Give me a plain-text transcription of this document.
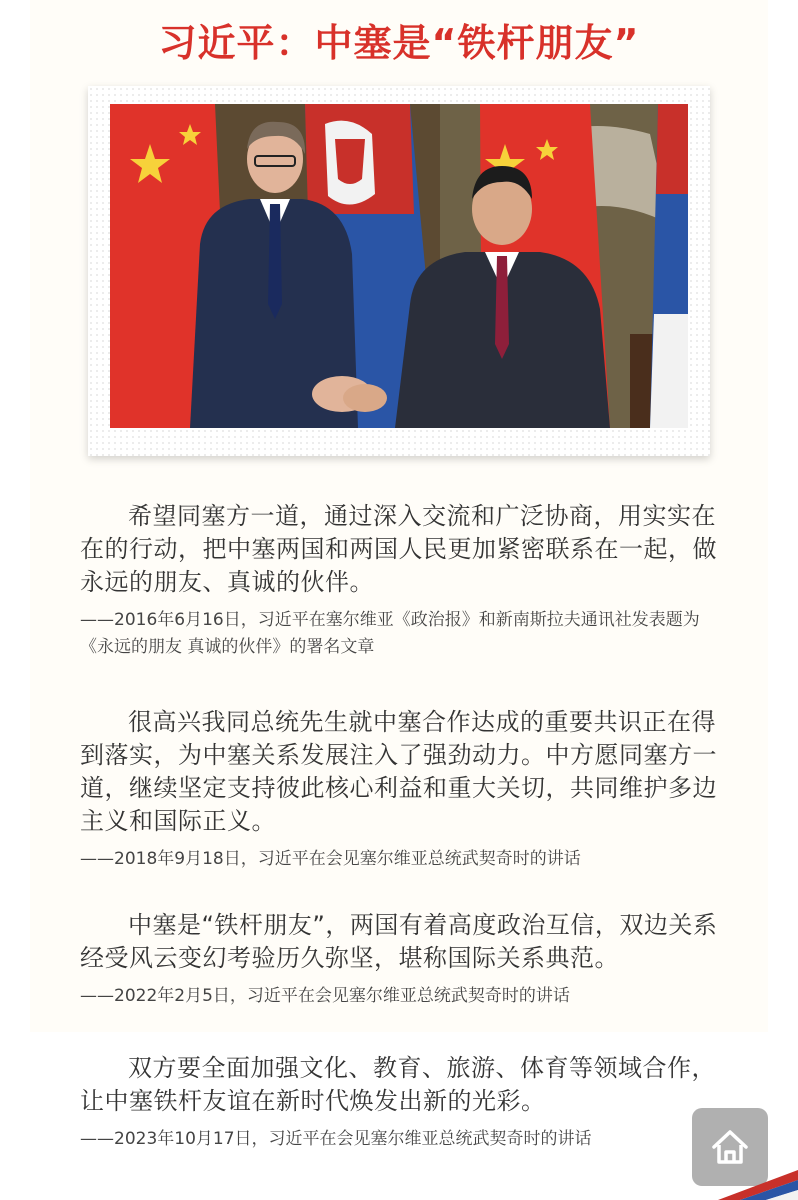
习近平：中塞是“铁杆朋友”

希望同塞方一道，通过深入交流和广泛协商，用实实在在的行动，把中塞两国和两国人民更加紧密联系在一起，做永远的朋友、真诚的伙伴。

——2016年6月16日，习近平在塞尔维亚《政治报》和新南斯拉夫通讯社发表题为《永远的朋友 真诚的伙伴》的署名文章

很高兴我同总统先生就中塞合作达成的重要共识正在得到落实，为中塞关系发展注入了强劲动力。中方愿同塞方一道，继续坚定支持彼此核心利益和重大关切，共同维护多边主义和国际正义。

——2018年9月18日，习近平在会见塞尔维亚总统武契奇时的讲话

中塞是“铁杆朋友”，两国有着高度政治互信，双边关系经受风云变幻考验历久弥坚，堪称国际关系典范。

——2022年2月5日，习近平在会见塞尔维亚总统武契奇时的讲话

双方要全面加强文化、教育、旅游、体育等领域合作，让中塞铁杆友谊在新时代焕发出新的光彩。

——2023年10月17日，习近平在会见塞尔维亚总统武契奇时的讲话
